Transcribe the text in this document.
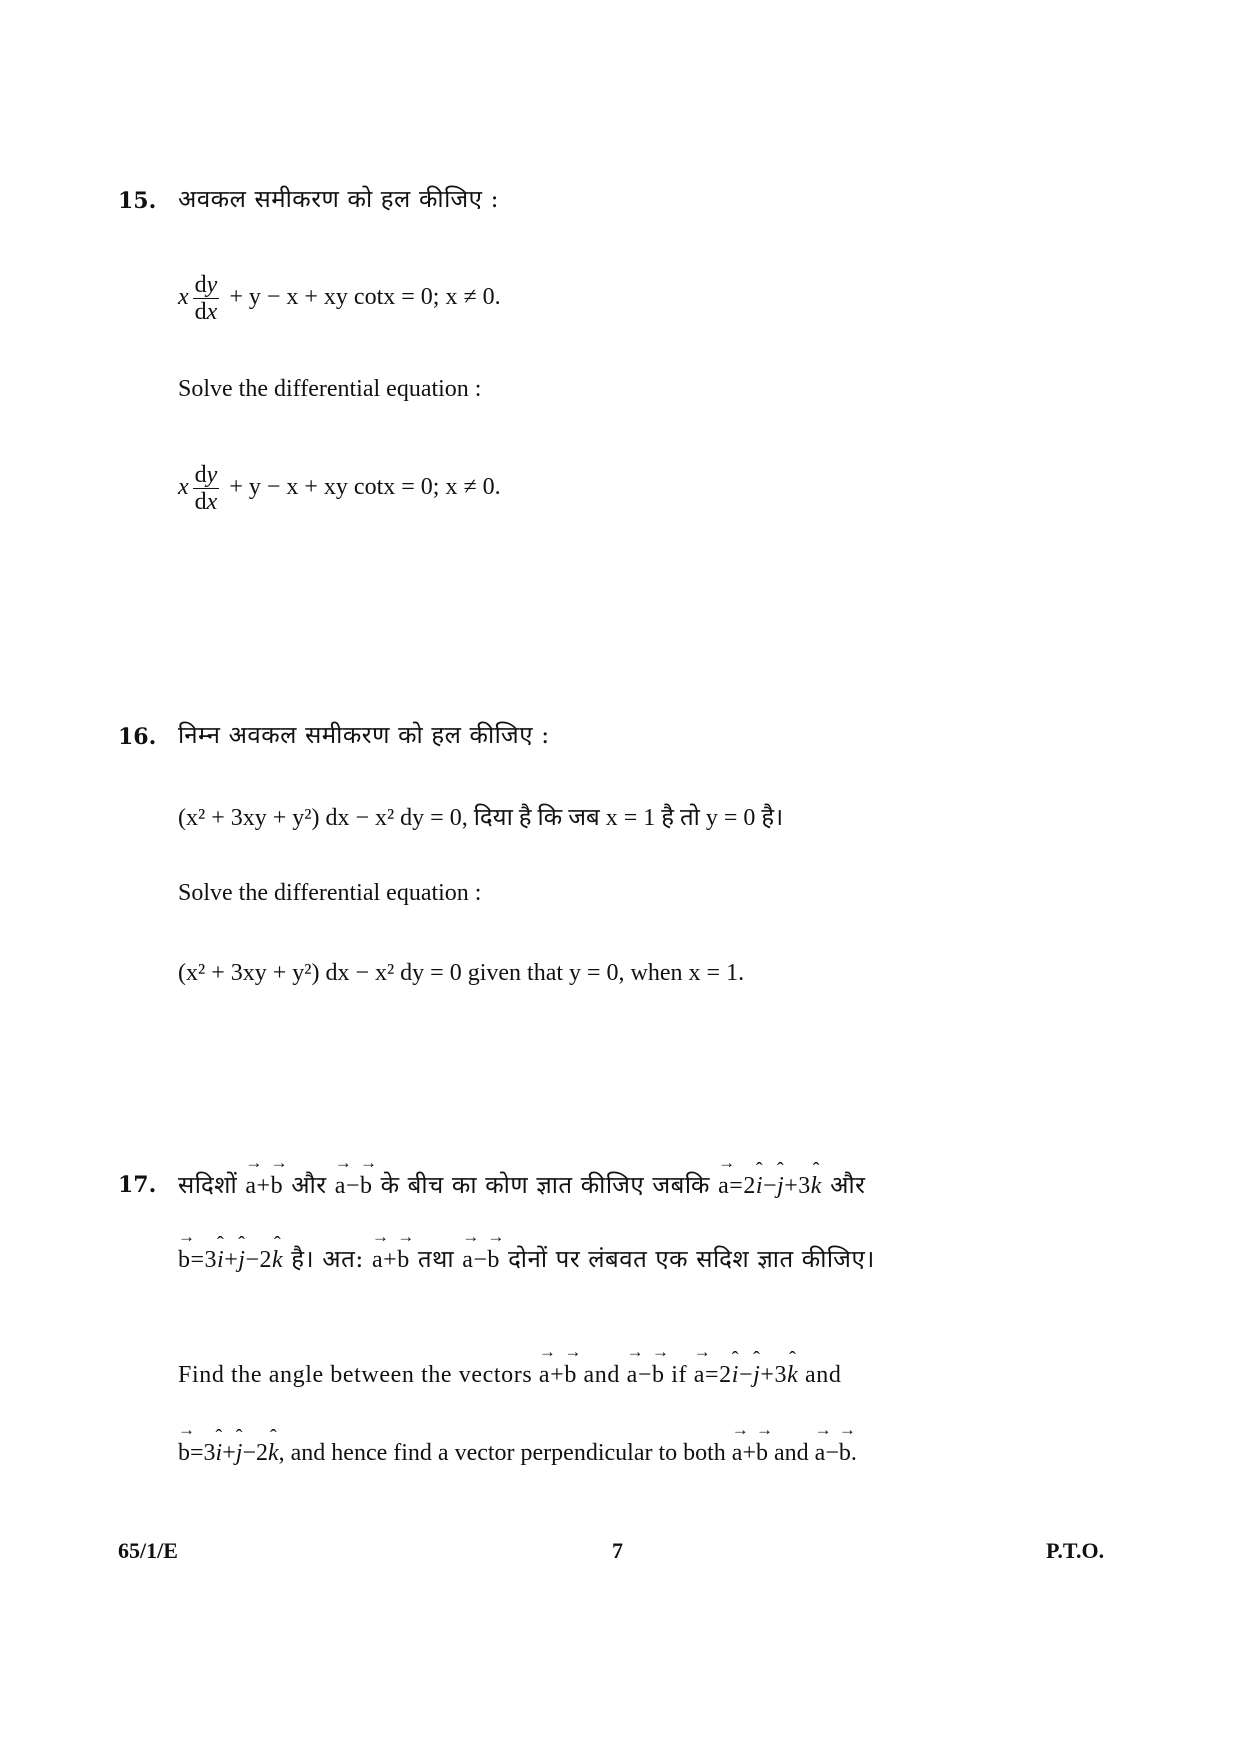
15. अवकल समीकरण को हल कीजिए :
x $\frac{dy}{dx} + y - x$ + xy cotx = 0; x ≠ 0.
Solve the differential equation :
x $\frac{dy}{dx} + y - x$ + xy cotx = 0; x ≠ 0.
16. निम्न अवकल समीकरण को हल कीजिए :
(x² + 3xy + y²) dx − x² dy = 0, दिया है कि जब x = 1 है तो y = 0 है।
Solve the differential equation :
(x² + 3xy + y²) dx − x² dy = 0 given that y = 0, when x = 1.
17. सदिशों → a+→ b और → a−→ b के बीच का कोण ज्ञात कीजिए जबकि → a=2ˆ i−ˆ j+3ˆ k और
→ b=3ˆ i+ˆ j−2ˆ k है। अत: → a+→ b तथा → a−→ b दोनों पर लंबवत एक सदिश ज्ञात कीजिए।
Find the angle between the vectors → a+→ b and → a−→ b if → a=2ˆ i−ˆ j+3ˆ k and
→ b=3ˆ i+ˆ j−2ˆ k, and hence find a vector perpendicular to both → a+→ b and → a−→ b.
65/1/E	7	P.T.O.
